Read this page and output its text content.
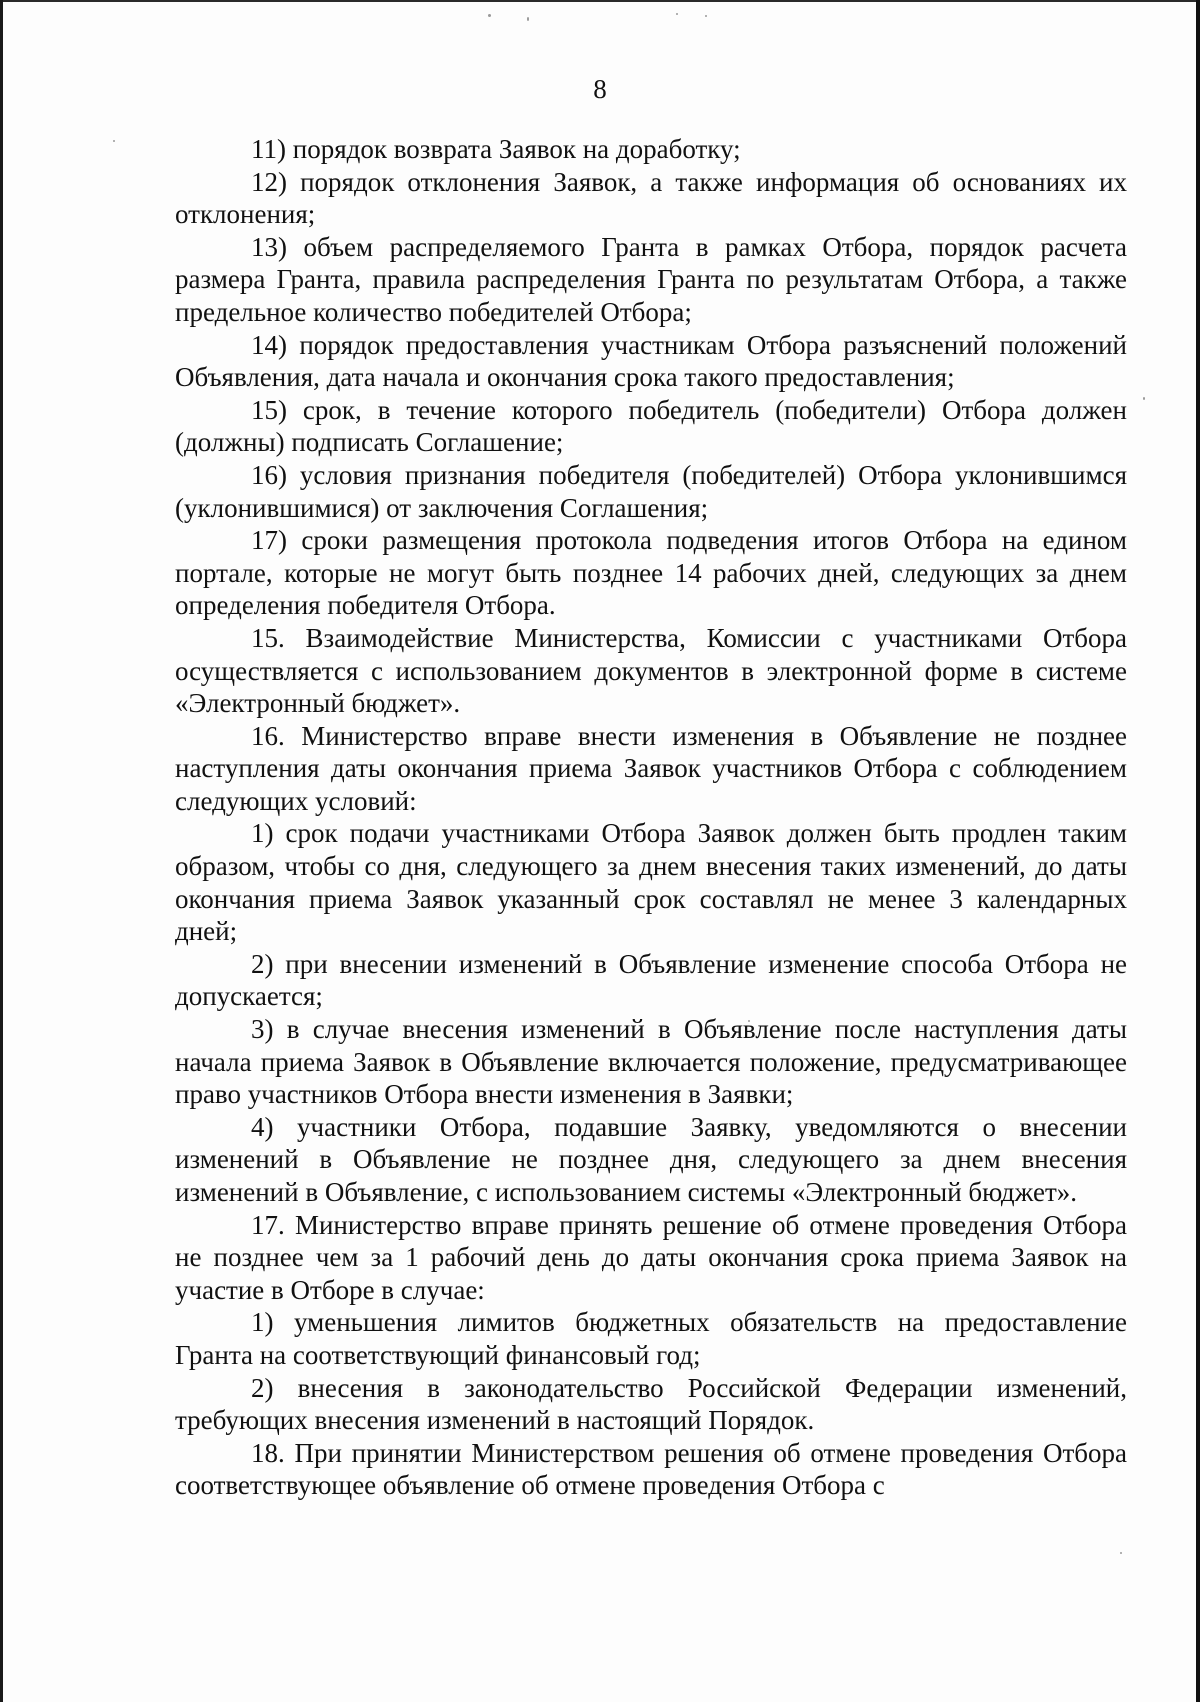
8

11) порядок возврата Заявок на доработку;

12) порядок отклонения Заявок, а также информация об основаниях их отклонения;

13) объем распределяемого Гранта в рамках Отбора, порядок расчета размера Гранта, правила распределения Гранта по результатам Отбора, а также предельное количество победителей Отбора;

14) порядок предоставления участникам Отбора разъяснений положений Объявления, дата начала и окончания срока такого предоставления;

15) срок, в течение которого победитель (победители) Отбора должен (должны) подписать Соглашение;

16) условия признания победителя (победителей) Отбора уклонившимся (уклонившимися) от заключения Соглашения;

17) сроки размещения протокола подведения итогов Отбора на едином портале, которые не могут быть позднее 14 рабочих дней, следующих за днем определения победителя Отбора.

15. Взаимодействие Министерства, Комиссии с участниками Отбора осуществляется с использованием документов в электронной форме в системе «Электронный бюджет».

16. Министерство вправе внести изменения в Объявление не позднее наступления даты окончания приема Заявок участников Отбора с соблюдением следующих условий:

1) срок подачи участниками Отбора Заявок должен быть продлен таким образом, чтобы со дня, следующего за днем внесения таких изменений, до даты окончания приема Заявок указанный срок составлял не менее 3 календарных дней;

2) при внесении изменений в Объявление изменение способа Отбора не допускается;

3) в случае внесения изменений в Объявление после наступления даты начала приема Заявок в Объявление включается положение, предусматривающее право участников Отбора внести изменения в Заявки;

4) участники Отбора, подавшие Заявку, уведомляются о внесении изменений в Объявление не позднее дня, следующего за днем внесения изменений в Объявление, с использованием системы «Электронный бюджет».

17. Министерство вправе принять решение об отмене проведения Отбора не позднее чем за 1 рабочий день до даты окончания срока приема Заявок на участие в Отборе в случае:

1) уменьшения лимитов бюджетных обязательств на предоставление Гранта на соответствующий финансовый год;

2) внесения в законодательство Российской Федерации изменений, требующих внесения изменений в настоящий Порядок.

18. При принятии Министерством решения об отмене проведения Отбора соответствующее объявление об отмене проведения Отбора с
